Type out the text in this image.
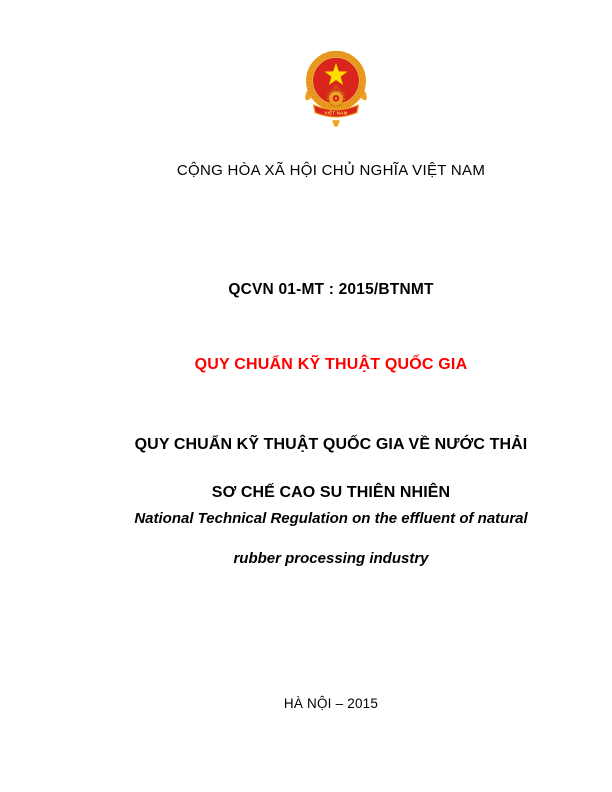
VIỆT NAM
CỘNG HÒA XÃ HỘI CHỦ NGHĨA VIỆT NAM
QCVN 01-MT : 2015/BTNMT
QUY CHUẨN KỸ THUẬT QUỐC GIA

QUY CHUẨN KỸ THUẬT QUỐC GIA VỀ NƯỚC THẢI

SƠ CHẾ CAO SU THIÊN NHIÊN

National Technical Regulation on the effluent of natural

rubber processing industry

HÀ NỘI – 2015
